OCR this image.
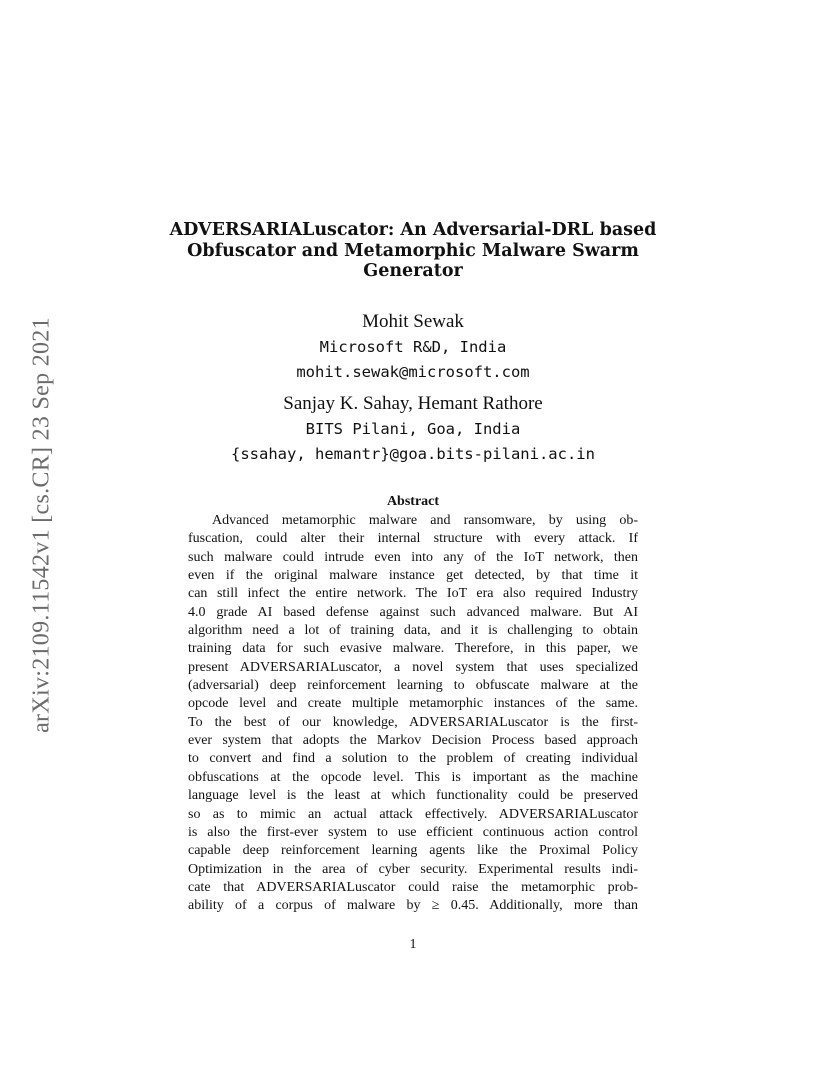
arXiv:2109.11542v1 [cs.CR] 23 Sep 2021
ADVERSARIALuscator: An Adversarial-DRL based
Obfuscator and Metamorphic Malware Swarm
Generator
Mohit Sewak
Microsoft R&D, India
mohit.sewak@microsoft.com
Sanjay K. Sahay, Hemant Rathore
BITS Pilani, Goa, India
{ssahay, hemantr}@goa.bits-pilani.ac.in
Abstract
Advanced metamorphic malware and ransomware, by using ob-
fuscation, could alter their internal structure with every attack. If
such malware could intrude even into any of the IoT network, then
even if the original malware instance get detected, by that time it
can still infect the entire network. The IoT era also required Industry
4.0 grade AI based defense against such advanced malware. But AI
algorithm need a lot of training data, and it is challenging to obtain
training data for such evasive malware. Therefore, in this paper, we
present ADVERSARIALuscator, a novel system that uses specialized
(adversarial) deep reinforcement learning to obfuscate malware at the
opcode level and create multiple metamorphic instances of the same.
To the best of our knowledge, ADVERSARIALuscator is the first-
ever system that adopts the Markov Decision Process based approach
to convert and find a solution to the problem of creating individual
obfuscations at the opcode level. This is important as the machine
language level is the least at which functionality could be preserved
so as to mimic an actual attack effectively. ADVERSARIALuscator
is also the first-ever system to use efficient continuous action control
capable deep reinforcement learning agents like the Proximal Policy
Optimization in the area of cyber security. Experimental results indi-
cate that ADVERSARIALuscator could raise the metamorphic prob-
ability of a corpus of malware by ≥ 0.45. Additionally, more than
1
